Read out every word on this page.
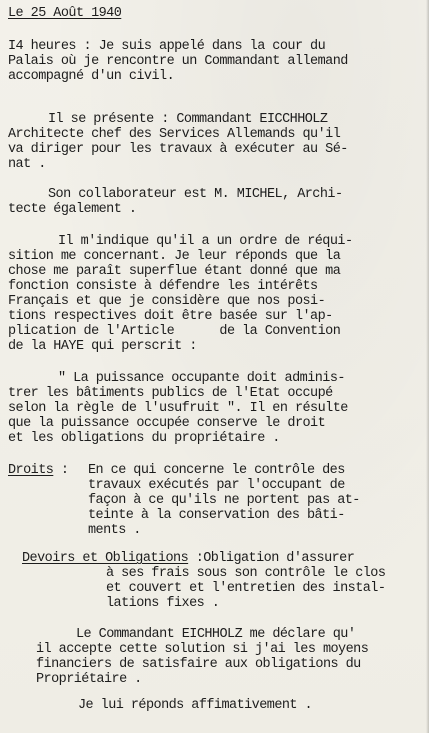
Le 25 Août 1940
I4 heures : Je suis appelé dans la cour du
Palais où je rencontre un Commandant allemand
accompagné d'un civil.
Il se présente : Commandant EICCHHOLZ
Architecte chef des Services Allemands qu'il
va diriger pour les travaux à exécuter au Sé-
nat .
Son collaborateur est M. MICHEL, Archi-
tecte également .
Il m'indique qu'il a un ordre de réqui-
sition me concernant. Je leur réponds que la
chose me paraît superflue étant donné que ma
fonction consiste à défendre les intérêts
Français et que je considère que nos posi-
tions respectives doit être basée sur l'ap-
plication de l'Article      de la Convention
de la HAYE qui perscrit :
" La puissance occupante doit adminis-
trer les bâtiments publics de l'Etat occupé
selon la règle de l'usufruit ". Il en résulte
que la puissance occupée conserve le droit
et les obligations du propriétaire .
Droits : En ce qui concerne le contrôle des
travaux exécutés par l'occupant de
façon à ce qu'ils ne portent pas at-
teinte à la conservation des bâti-
ments .
Devoirs et Obligations :Obligation d'assurer
à ses frais sous son contrôle le clos
et couvert et l'entretien des instal-
lations fixes .
Le Commandant EICHHOLZ me déclare qu'
il accepte cette solution si j'ai les moyens
financiers de satisfaire aux obligations du
Propriétaire .
Je lui réponds affimativement .
